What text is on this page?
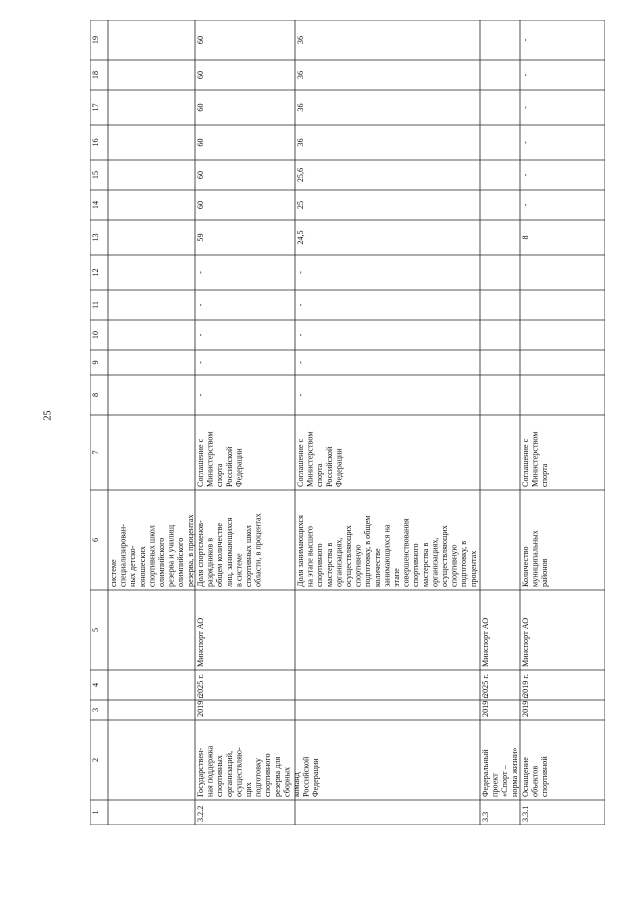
25
1
2
3
4
5
6
7
8
9
10
11
12
13
14
15
16
17
18
19
системе специализирован- ных детско- юношеских спортивных школ олимпийского резерва и училищ олимпийского резерва, в процентах
3.2.2
Государствен- ная поддержка спортивных организаций, осуществляю- щих подготовку спортивного резерва для сборных команд Российской Федерации
2019 г.
2025 г.
Минспорт АО
Доля спортсменов- разрядников в общем количестве лиц, занимающихся в системе спортивных школ области, в процентах
Соглашение с Министерством спорта Российской Федерации
-
-
-
-
-
59
60
60
60
60
60
60
Доля занимающихся на этапе высшего спортивного мастерства в организациях, осуществляющих спортивную подготовку, в общем количестве занимающихся на этапе совершенствования спортивного мастерства в организациях, осуществляющих спортивную подготовку, в процентах
Соглашение с Министерством спорта Российской Федерации
-
-
-
-
-
24,5
25
25,6
36
36
36
36
3.3
Федеральный проект «Спорт – норма жизни»
2019 г.
2025 г.
Минспорт АО
3.3.1
Оснащение объектов спортивной
2019 г.
2019 г.
Минспорт АО
Количество муниципальных районов
Соглашение с Министерством спорта
8
-
-
-
-
-
-
